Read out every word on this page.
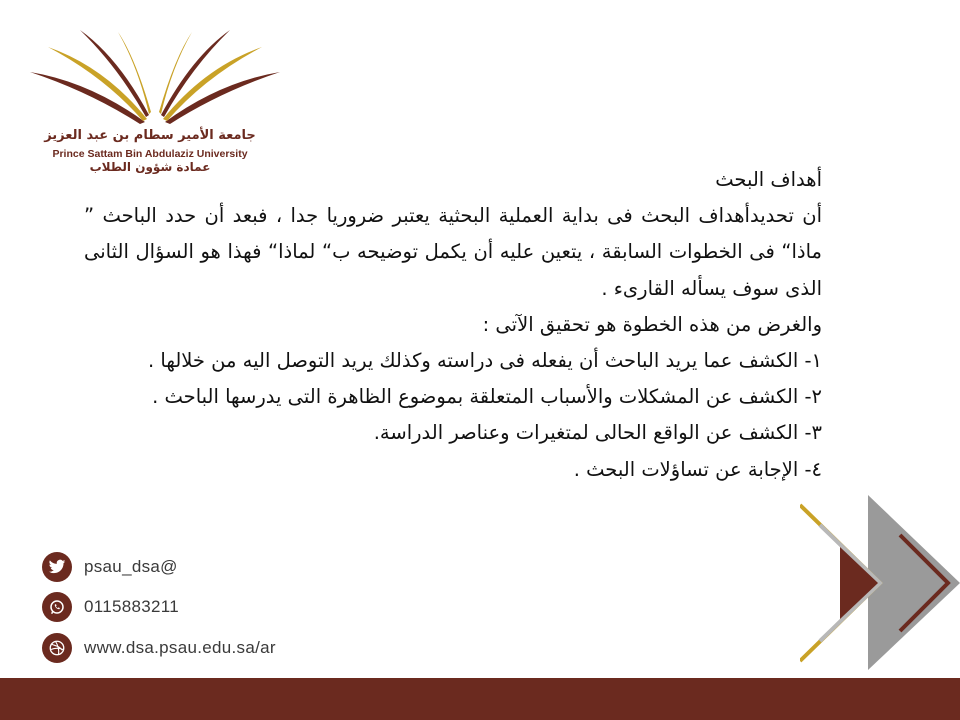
جامعة الأمير سطام بن عبد العزيز
Prince Sattam Bin Abdulaziz University
عمادة شؤون الطلاب

أهداف البحث

أن تحديدأهداف البحث فى بداية العملية البحثية يعتبر ضروريا جدا ، فبعد أن حدد الباحث ” ماذا“ فى الخطوات السابقة ، يتعين عليه أن يكمل توضيحه ب“ لماذا“ فهذا هو السؤال الثانى الذى سوف يسأله القارىء .

والغرض من هذه الخطوة هو تحقيق الآتى :

١- الكشف عما يريد الباحث أن يفعله فى دراسته وكذلك يريد التوصل اليه من خلالها .

٢- الكشف عن المشكلات والأسباب المتعلقة بموضوع الظاهرة التى يدرسها الباحث .

٣- الكشف عن الواقع الحالى لمتغيرات وعناصر الدراسة.

٤- الإجابة عن تساؤلات البحث .

psau_dsa@
0115883211
www.dsa.psau.edu.sa/ar
